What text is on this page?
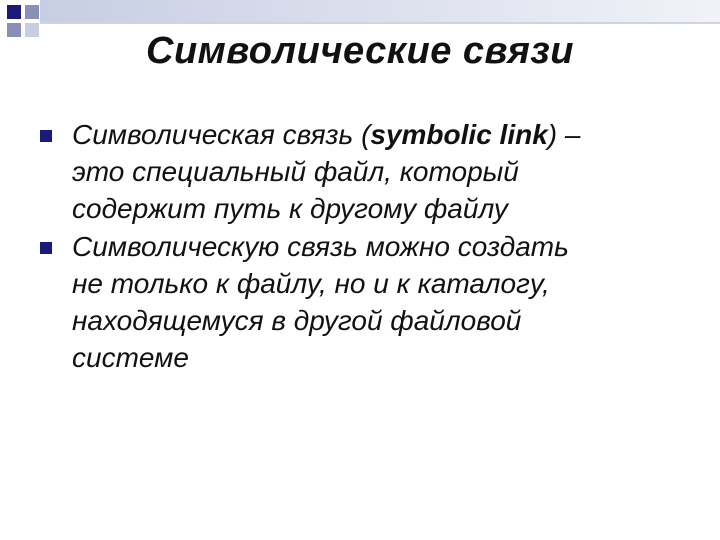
Символические связи
Символическая связь (symbolic link) –
это специальный файл, который
содержит путь к другому файлу
Символическую связь можно создать
не только к файлу, но и к каталогу,
находящемуся в другой файловой
системе
